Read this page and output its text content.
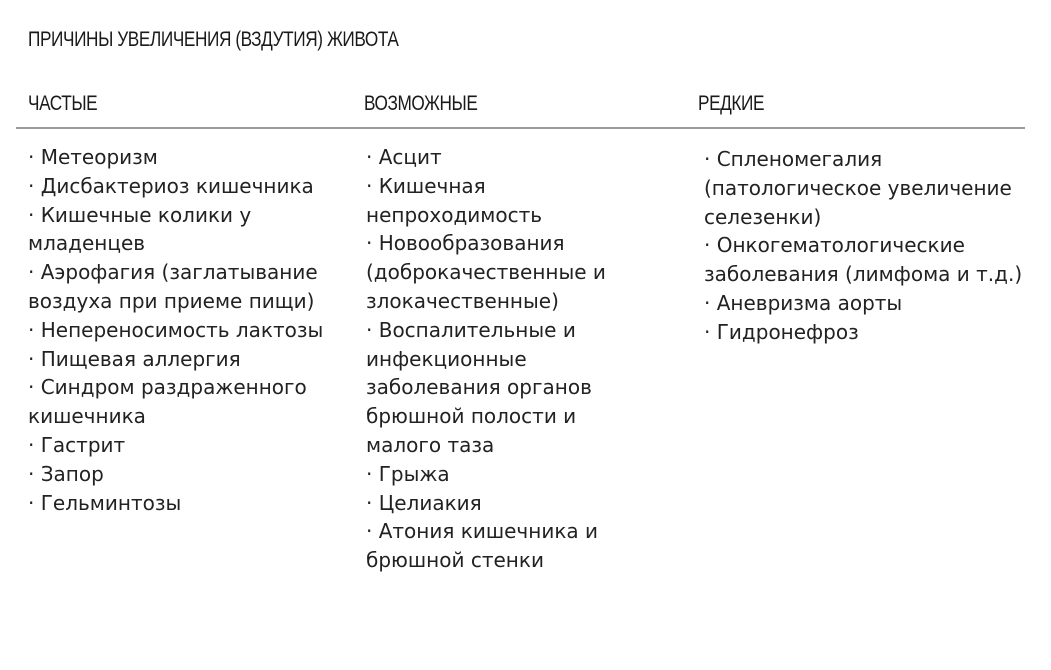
ПРИЧИНЫ УВЕЛИЧЕНИЯ (ВЗДУТИЯ) ЖИВОТА
ЧАСТЫЕ	ВОЗМОЖНЫЕ	РЕДКИЕ
· Метеоризм
· Дисбактериоз кишечника
· Кишечные колики у младенцев
· Аэрофагия (заглатывание воздуха при приеме пищи)
· Непереносимость лактозы
· Пищевая аллергия
· Синдром раздраженного кишечника
· Гастрит
· Запор
· Гельминтозы
· Асцит
· Кишечная непроходимость
· Новообразования (доброкачественные и злокачественные)
· Воспалительные и инфекционные заболевания органов брюшной полости и малого таза
· Грыжа
· Целиакия
· Атония кишечника и брюшной стенки
· Спленомегалия (патологическое увеличение селезенки)
· Онкогематологические заболевания (лимфома и т.д.)
· Аневризма аорты
· Гидронефроз
